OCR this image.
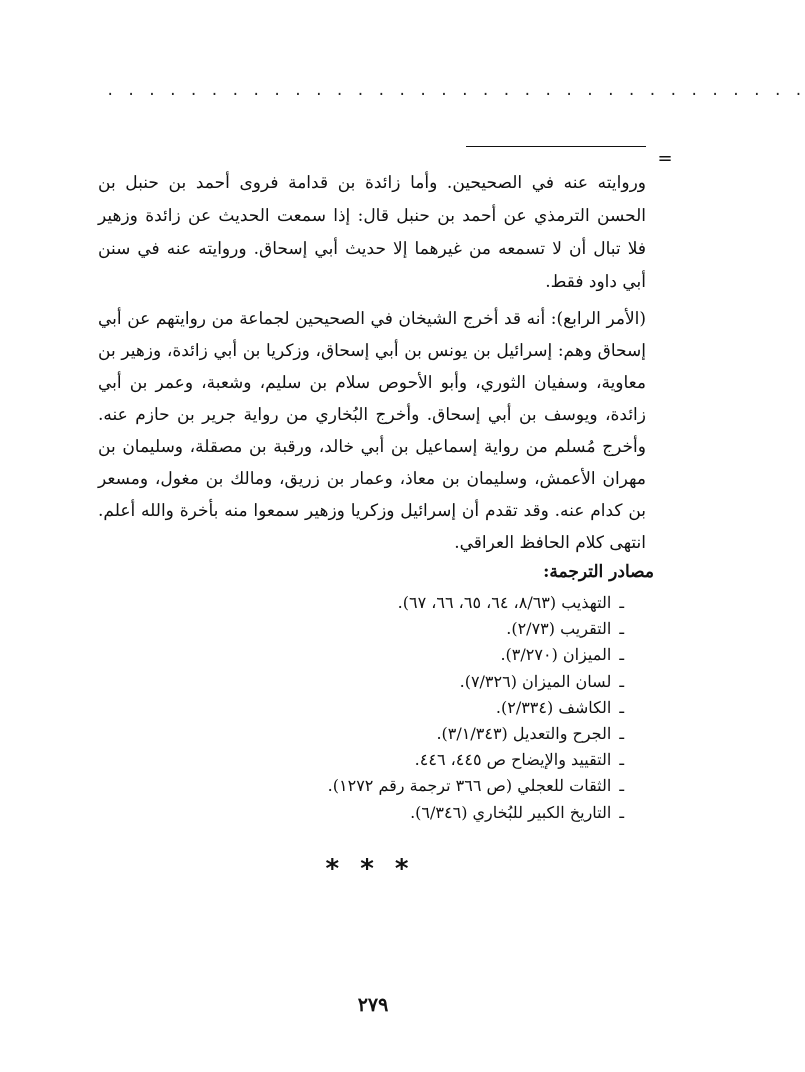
· · · · · · · · · · · · · · · · · · · · · · · · · · · · · · · · · ·
=

وروايته عنه في الصحيحين. وأما زائدة بن قدامة فروى أحمد بن حنبل بن الحسن الترمذي عن أحمد بن حنبل قال: إذا سمعت الحديث عن زائدة وزهير فلا تبال أن لا تسمعه من غيرهما إلا حديث أبي إسحاق. وروايته عنه في سنن أبي داود فقط.

(الأمر الرابع): أنه قد أخرج الشيخان في الصحيحين لجماعة من روايتهم عن أبي إسحاق وهم: إسرائيل بن يونس بن أبي إسحاق، وزكريا بن أبي زائدة، وزهير بن معاوية، وسفيان الثوري، وأبو الأحوص سلام بن سليم، وشعبة، وعمر بن أبي زائدة، ويوسف بن أبي إسحاق. وأخرج البُخاري من رواية جرير بن حازم عنه. وأخرج مُسلم من رواية إسماعيل بن أبي خالد، ورقبة بن مصقلة، وسليمان بن مهران الأعمش، وسليمان بن معاذ، وعمار بن زريق، ومالك بن مغول، ومسعر بن كدام عنه. وقد تقدم أن إسرائيل وزكريا وزهير سمعوا منه بأخرة والله أعلم. انتهى كلام الحافظ العراقي.

مصادر الترجمة:
ـالتهذيب (٨/٦٣، ٦٤، ٦٥، ٦٦، ٦٧).
ـالتقريب (٢/٧٣).
ـالميزان (٣/٢٧٠).
ـلسان الميزان (٧/٣٢٦).
ـالكاشف (٢/٣٣٤).
ـالجرح والتعديل (٣/١/٣٤٣).
ـالتقييد والإيضاح ص ٤٤٥، ٤٤٦.
ـالثقات للعجلي (ص ٣٦٦ ترجمة رقم ١٢٧٢).
ـالتاريخ الكبير للبُخاري (٦/٣٤٦).
* * *
٢٧٩
